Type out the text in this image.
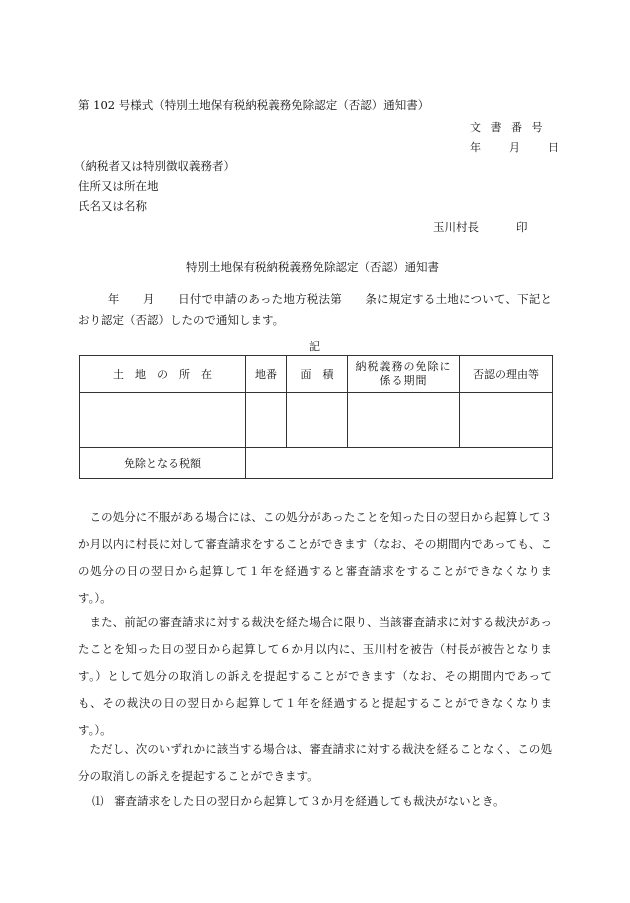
第 102 号様式（特別土地保有税納税義務免除認定（否認）通知書）
文 書 番 号
年　　月　　日
（納税者又は特別徴収義務者）
住所又は所在地
氏名又は名称
玉川村長	印
特別土地保有税納税義務免除認定（否認）通知書
年　　月　　日付で申請のあった地方税法第　　条に規定する土地について、下記とおり認定（否認）したので通知します。
記
土　地　の　所　在	地番	面　積	納税義務の免除に係る期間	否認の理由等

免除となる税額				
この処分に不服がある場合には、この処分があったことを知った日の翌日から起算して３か月以内に村長に対して審査請求をすることができます（なお、その期間内であっても、この処分の日の翌日から起算して１年を経過すると審査請求をすることができなくなります。）。
また、前記の審査請求に対する裁決を経た場合に限り、当該審査請求に対する裁決があったことを知った日の翌日から起算して６か月以内に、玉川村を被告（村長が被告となります。）として処分の取消しの訴えを提起することができます（なお、その期間内であっても、その裁決の日の翌日から起算して１年を経過すると提起することができなくなります。）。
ただし、次のいずれかに該当する場合は、審査請求に対する裁決を経ることなく、この処分の取消しの訴えを提起することができます。
⑴ 審査請求をした日の翌日から起算して３か月を経過しても裁決がないとき。
